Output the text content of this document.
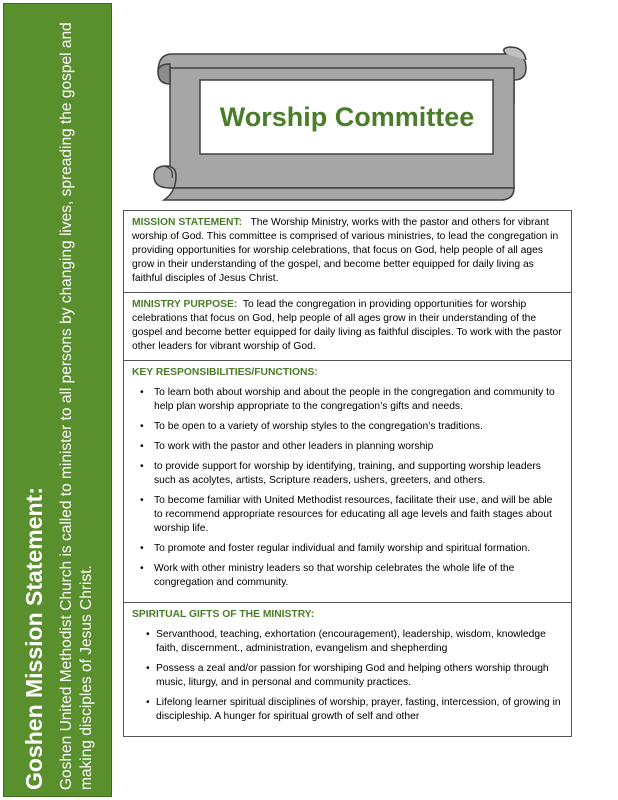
Goshen Mission Statement: Goshen United Methodist Church is called to minister to all persons by changing lives, spreading the gospel and making disciples of Jesus Christ.
Worship Committee

MISSION STATEMENT: The Worship Ministry, works with the pastor and others for vibrant worship of God. This committee is comprised of various ministries, to lead the congregation in providing opportunities for worship celebrations, that focus on God, help people of all ages grow in their understanding of the gospel, and become better equipped for daily living as faithful disciples of Jesus Christ.

MINISTRY PURPOSE: To lead the congregation in providing opportunities for worship celebrations that focus on God, help people of all ages grow in their understanding of the gospel and become better equipped for daily living as faithful disciples. To work with the pastor other leaders for vibrant worship of God.

KEY RESPONSIBILITIES/FUNCTIONS:
• To learn both about worship and about the people in the congregation and community to help plan worship appropriate to the congregation’s gifts and needs.
• To be open to a variety of worship styles to the congregation’s traditions.
• To work with the pastor and other leaders in planning worship
• to provide support for worship by identifying, training, and supporting worship leaders such as acolytes, artists, Scripture readers, ushers, greeters, and others.
• To become familiar with United Methodist resources, facilitate their use, and will be able to recommend appropriate resources for educating all age levels and faith stages about worship life.
• To promote and foster regular individual and family worship and spiritual formation.
• Work with other ministry leaders so that worship celebrates the whole life of the congregation and community.
SPIRITUAL GIFTS OF THE MINISTRY:
• Servanthood, teaching, exhortation (encouragement), leadership, wisdom, knowledge faith, discernment., administration, evangelism and shepherding
• Possess a zeal and/or passion for worshiping God and helping others worship through music, liturgy, and in personal and community practices.
• Lifelong learner spiritual disciplines of worship, prayer, fasting, intercession, of growing in discipleship. A hunger for spiritual growth of self and other
